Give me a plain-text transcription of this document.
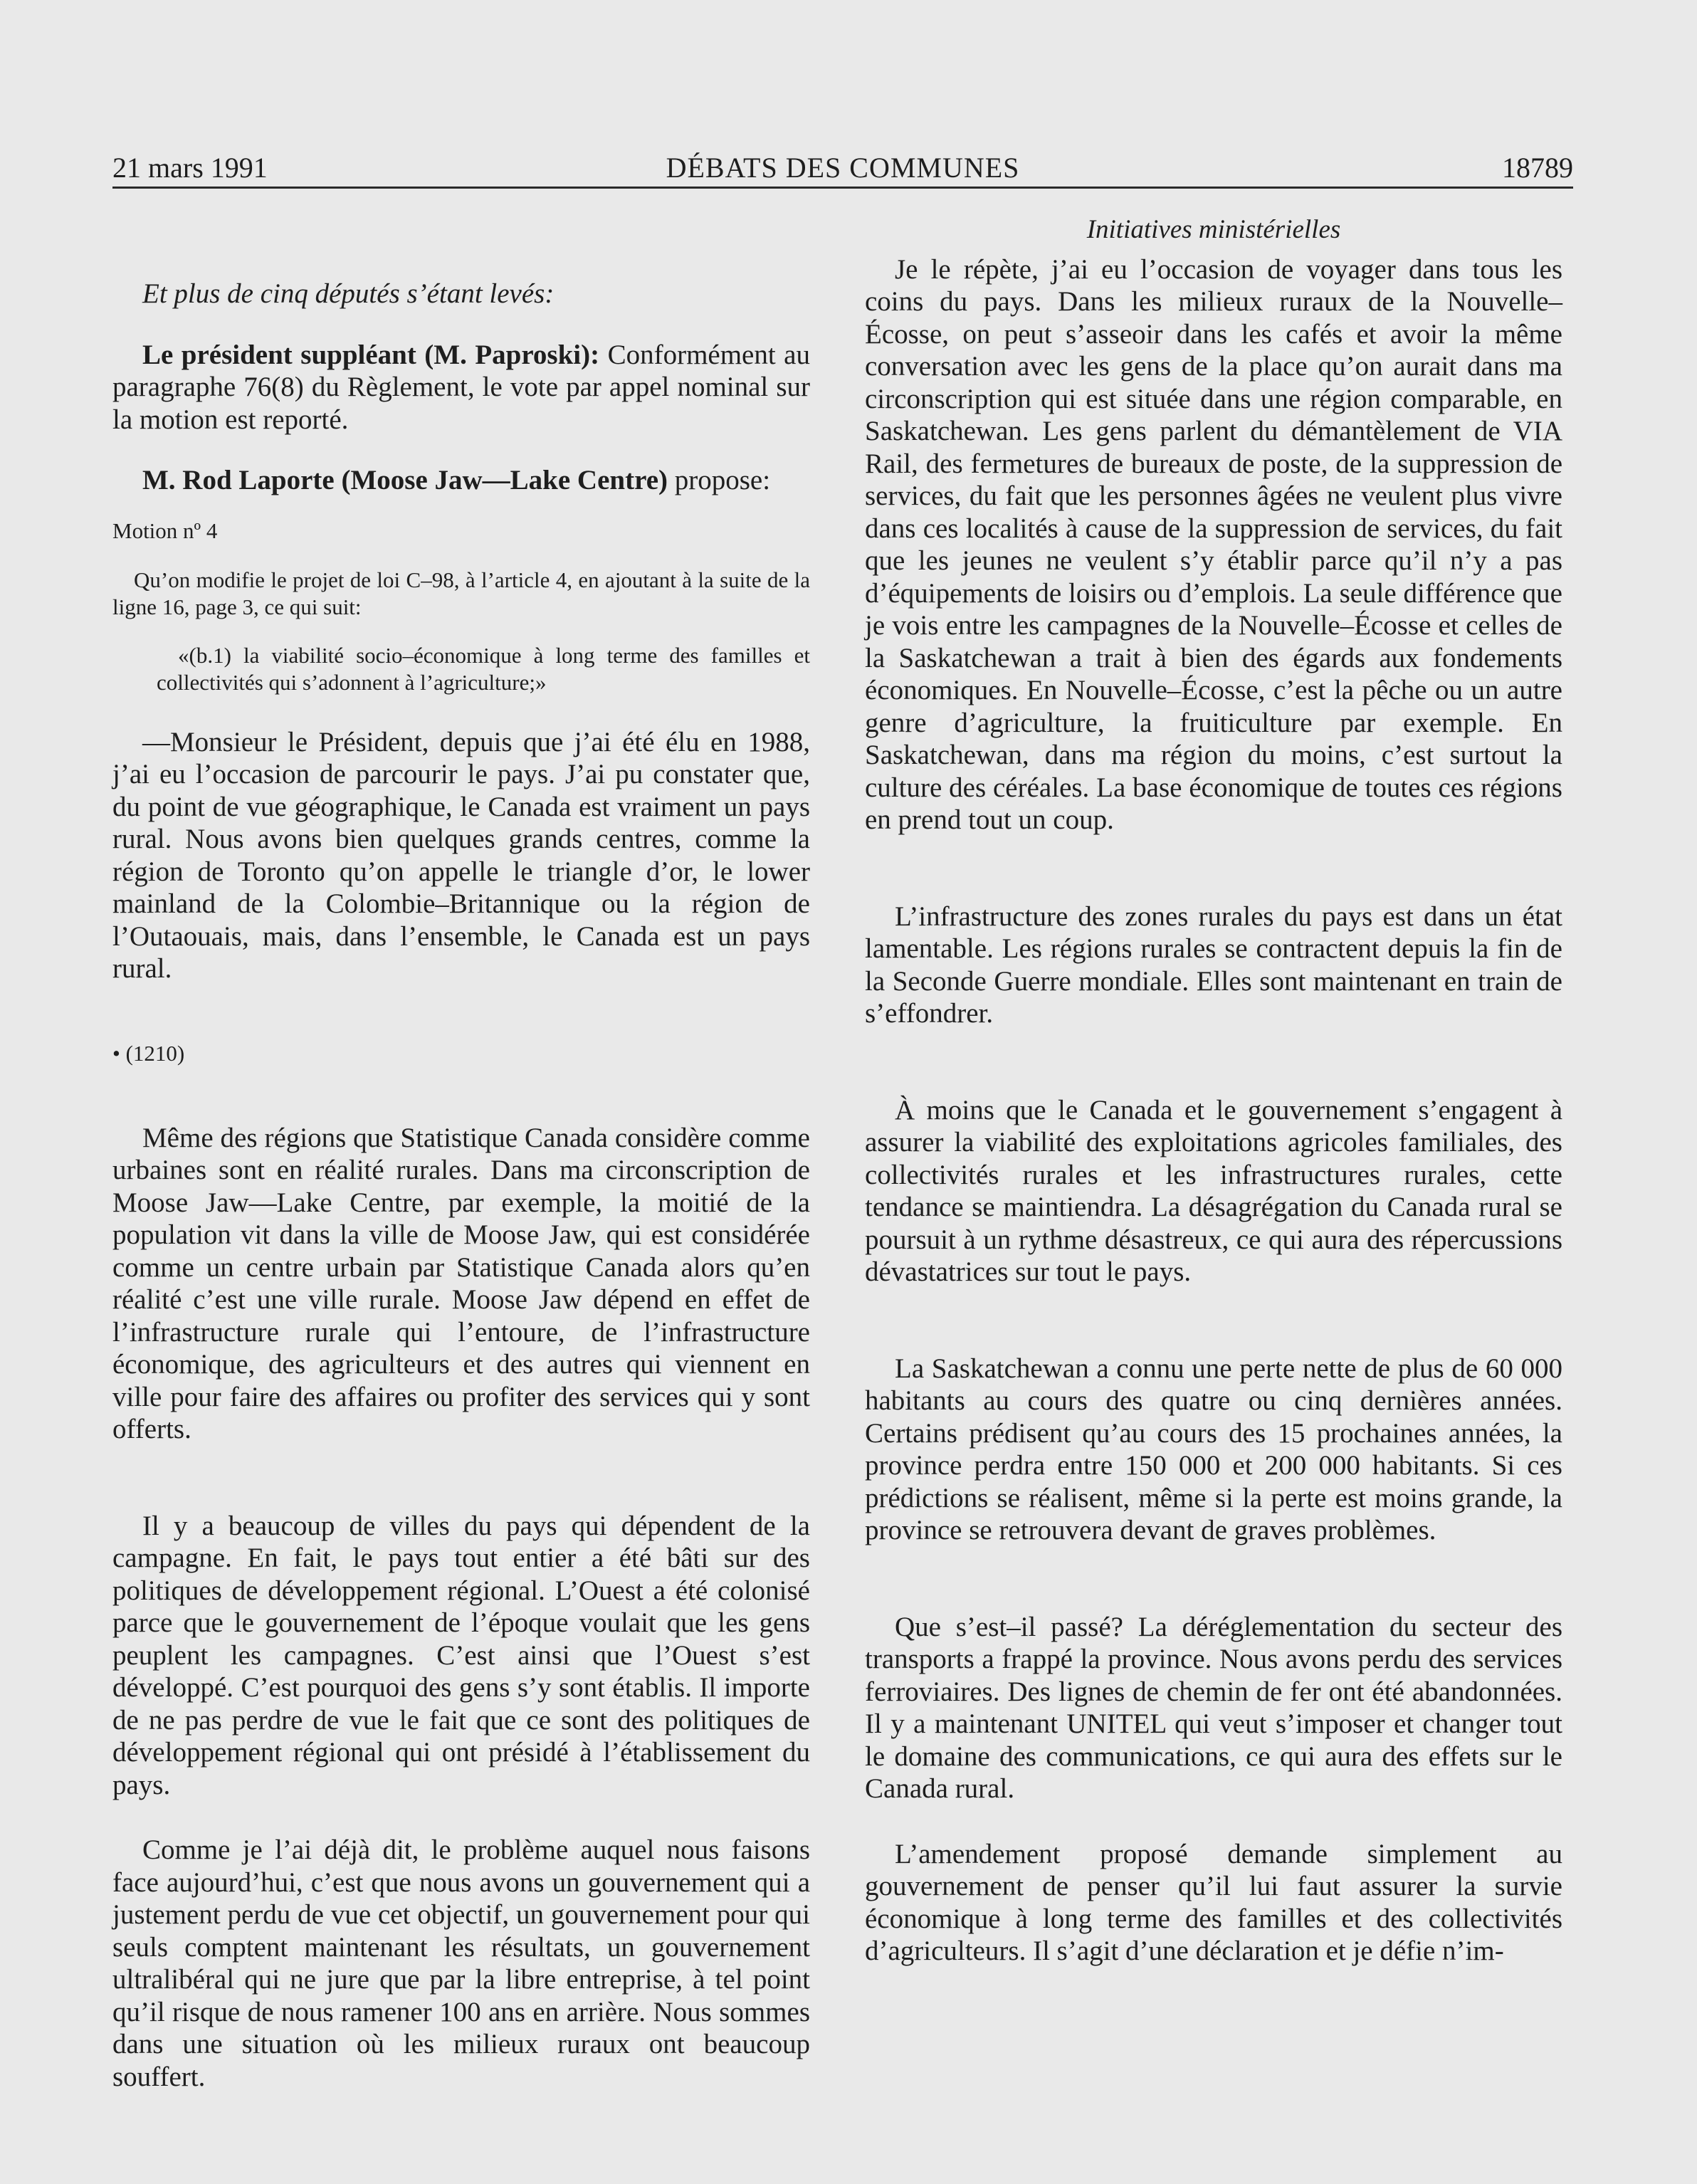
21 mars 1991	DÉBATS DES COMMUNES	18789

Et plus de cinq députés s’étant levés:

Le président suppléant (M. Paproski): Conformément au paragraphe 76(8) du Règlement, le vote par appel nominal sur la motion est reporté.

M. Rod Laporte (Moose Jaw—Lake Centre) propose:

Motion nº 4

Qu’on modifie le projet de loi C–98, à l’article 4, en ajoutant à la suite de la ligne 16, page 3, ce qui suit:

«(b.1) la viabilité socio–économique à long terme des familles et collectivités qui s’adonnent à l’agriculture;»

—Monsieur le Président, depuis que j’ai été élu en 1988, j’ai eu l’occasion de parcourir le pays. J’ai pu constater que, du point de vue géographique, le Canada est vraiment un pays rural. Nous avons bien quelques grands centres, comme la région de Toronto qu’on appelle le triangle d’or, le lower mainland de la Colombie–Britannique ou la région de l’Outaouais, mais, dans l’ensemble, le Canada est un pays rural.

• (1210)

Même des régions que Statistique Canada considère comme urbaines sont en réalité rurales. Dans ma circonscription de Moose Jaw—Lake Centre, par exemple, la moitié de la population vit dans la ville de Moose Jaw, qui est considérée comme un centre urbain par Statistique Canada alors qu’en réalité c’est une ville rurale. Moose Jaw dépend en effet de l’infrastructure rurale qui l’entoure, de l’infrastructure économique, des agriculteurs et des autres qui viennent en ville pour faire des affaires ou profiter des services qui y sont offerts.

Il y a beaucoup de villes du pays qui dépendent de la campagne. En fait, le pays tout entier a été bâti sur des politiques de développement régional. L’Ouest a été colonisé parce que le gouvernement de l’époque voulait que les gens peuplent les campagnes. C’est ainsi que l’Ouest s’est développé. C’est pourquoi des gens s’y sont établis. Il importe de ne pas perdre de vue le fait que ce sont des politiques de développement régional qui ont présidé à l’établissement du pays.

Comme je l’ai déjà dit, le problème auquel nous faisons face aujourd’hui, c’est que nous avons un gouvernement qui a justement perdu de vue cet objectif, un gouvernement pour qui seuls comptent maintenant les résultats, un gouvernement ultralibéral qui ne jure que par la libre entreprise, à tel point qu’il risque de nous ramener 100 ans en arrière. Nous sommes dans une situation où les milieux ruraux ont beaucoup souffert.

Initiatives ministérielles

Je le répète, j’ai eu l’occasion de voyager dans tous les coins du pays. Dans les milieux ruraux de la Nouvelle–Écosse, on peut s’asseoir dans les cafés et avoir la même conversation avec les gens de la place qu’on aurait dans ma circonscription qui est située dans une région comparable, en Saskatchewan. Les gens parlent du démantèlement de VIA Rail, des fermetures de bureaux de poste, de la suppression de services, du fait que les personnes âgées ne veulent plus vivre dans ces localités à cause de la suppression de services, du fait que les jeunes ne veulent s’y établir parce qu’il n’y a pas d’équipements de loisirs ou d’emplois. La seule différence que je vois entre les campagnes de la Nouvelle–Écosse et celles de la Saskatchewan a trait à bien des égards aux fondements économiques. En Nouvelle–Écosse, c’est la pêche ou un autre genre d’agriculture, la fruiticulture par exemple. En Saskatchewan, dans ma région du moins, c’est surtout la culture des céréales. La base économique de toutes ces régions en prend tout un coup.

L’infrastructure des zones rurales du pays est dans un état lamentable. Les régions rurales se contractent depuis la fin de la Seconde Guerre mondiale. Elles sont maintenant en train de s’effondrer.

À moins que le Canada et le gouvernement s’engagent à assurer la viabilité des exploitations agricoles familiales, des collectivités rurales et les infrastructures rurales, cette tendance se maintiendra. La désagrégation du Canada rural se poursuit à un rythme désastreux, ce qui aura des répercussions dévastatrices sur tout le pays.

La Saskatchewan a connu une perte nette de plus de 60 000 habitants au cours des quatre ou cinq dernières années. Certains prédisent qu’au cours des 15 prochaines années, la province perdra entre 150 000 et 200 000 habitants. Si ces prédictions se réalisent, même si la perte est moins grande, la province se retrouvera devant de graves problèmes.

Que s’est–il passé? La déréglementation du secteur des transports a frappé la province. Nous avons perdu des services ferroviaires. Des lignes de chemin de fer ont été abandonnées. Il y a maintenant UNITEL qui veut s’imposer et changer tout le domaine des communications, ce qui aura des effets sur le Canada rural.

L’amendement proposé demande simplement au gouvernement de penser qu’il lui faut assurer la survie économique à long terme des familles et des collectivités d’agriculteurs. Il s’agit d’une déclaration et je défie n’im-
